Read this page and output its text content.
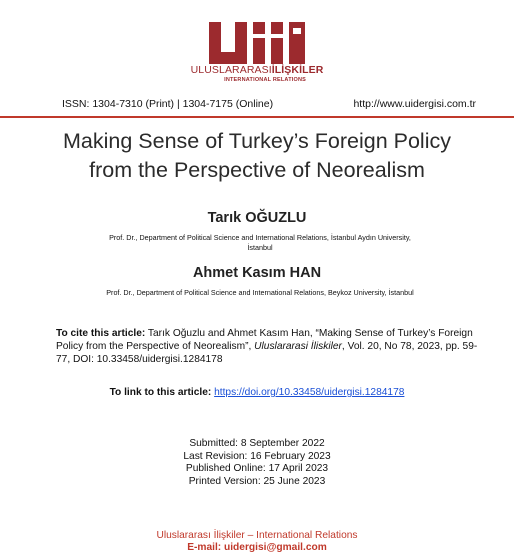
ULUSLARARASIİLİŞKİLER
INTERNATIONAL RELATIONS
ISSN: 1304-7310 (Print) | 1304-7175 (Online)	http://www.uidergisi.com.tr
Making Sense of Turkey’s Foreign Policy
from the Perspective of Neorealism
Tarık OĞUZLU
Prof. Dr., Department of Political Science and International Relations, İstanbul Aydın University,
İstanbul
Ahmet Kasım HAN
Prof. Dr., Department of Political Science and International Relations, Beykoz University, İstanbul
To cite this article: Tarık Oğuzlu and Ahmet Kasım Han, “Making Sense of Turkey’s Foreign Policy from the Perspective of Neorealism”, Uluslararasi İliskiler, Vol. 20, No 78, 2023, pp. 59-77, DOI: 10.33458/uidergisi.1284178
To link to this article: https://doi.org/10.33458/uidergisi.1284178
Submitted: 8 September 2022
Last Revision: 16 February 2023
Published Online: 17 April 2023
Printed Version: 25 June 2023
Uluslararası İlişkiler – International Relations
E-mail: uidergisi@gmail.com
